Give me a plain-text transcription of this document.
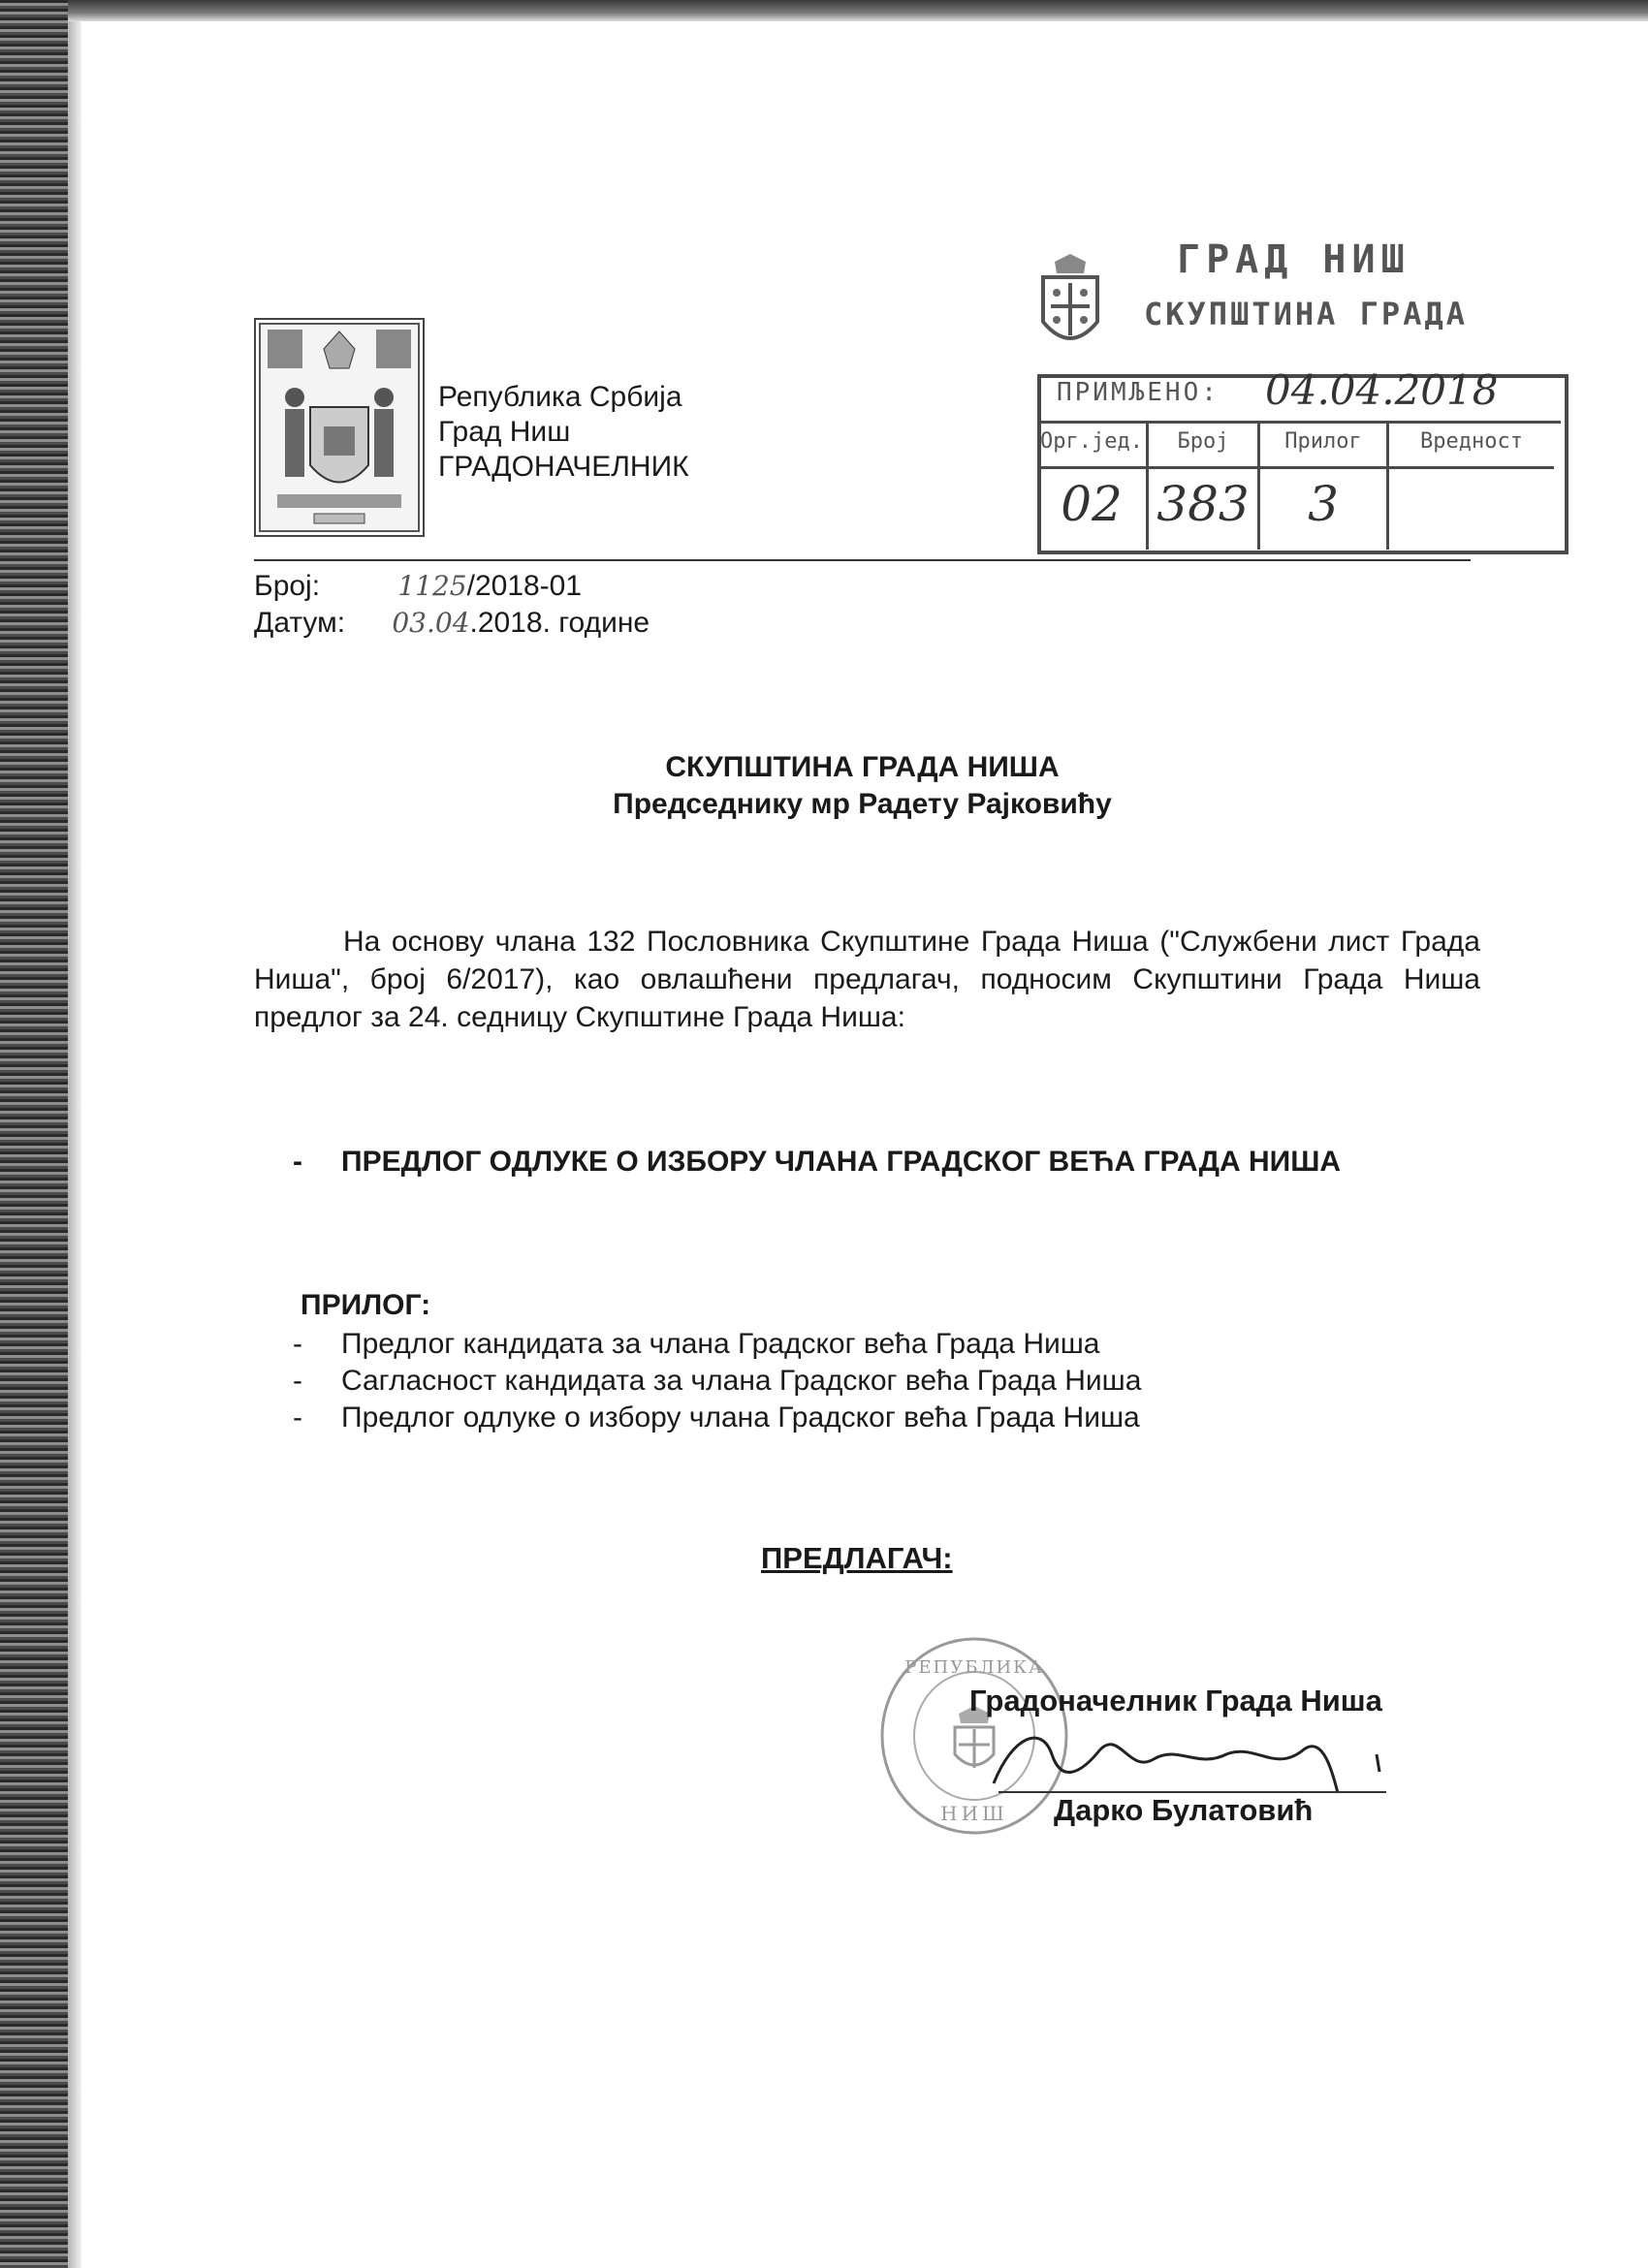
Република Србија
Град Ниш
ГРАДОНАЧЕЛНИК
ГРАД НИШ
СКУПШТИНА ГРАДА
ПРИМЉЕНО: 04.04.2018
Орг.јед.
02
Број
383
Прилог
3
Вредност
Број:	1125/2018-01
Датум: 03.04.2018. године
СКУПШТИНА ГРАДА НИША
Председнику мр Радету Рајковићу
На основу члана 132 Пословника Скупштине Града Ниша ("Службени лист Града Ниша", број 6/2017), као овлашћени предлагач, подносим Скупштини Града Ниша предлог за 24. седницу Скупштине Града Ниша:
- ПРЕДЛОГ ОДЛУКЕ О ИЗБОРУ ЧЛАНА ГРАДСКОГ ВЕЋА ГРАДА НИША
ПРИЛОГ:
- Предлог кандидата за члана Градског већа Града Ниша
- Сагласност кандидата за члана Градског већа Града Ниша
- Предлог одлуке о избору члана Градског већа Града Ниша
ПРЕДЛАГАЧ:
РЕПУБЛИКА
НИШ
Градоначелник Града Ниша
Дарко Булатовић
